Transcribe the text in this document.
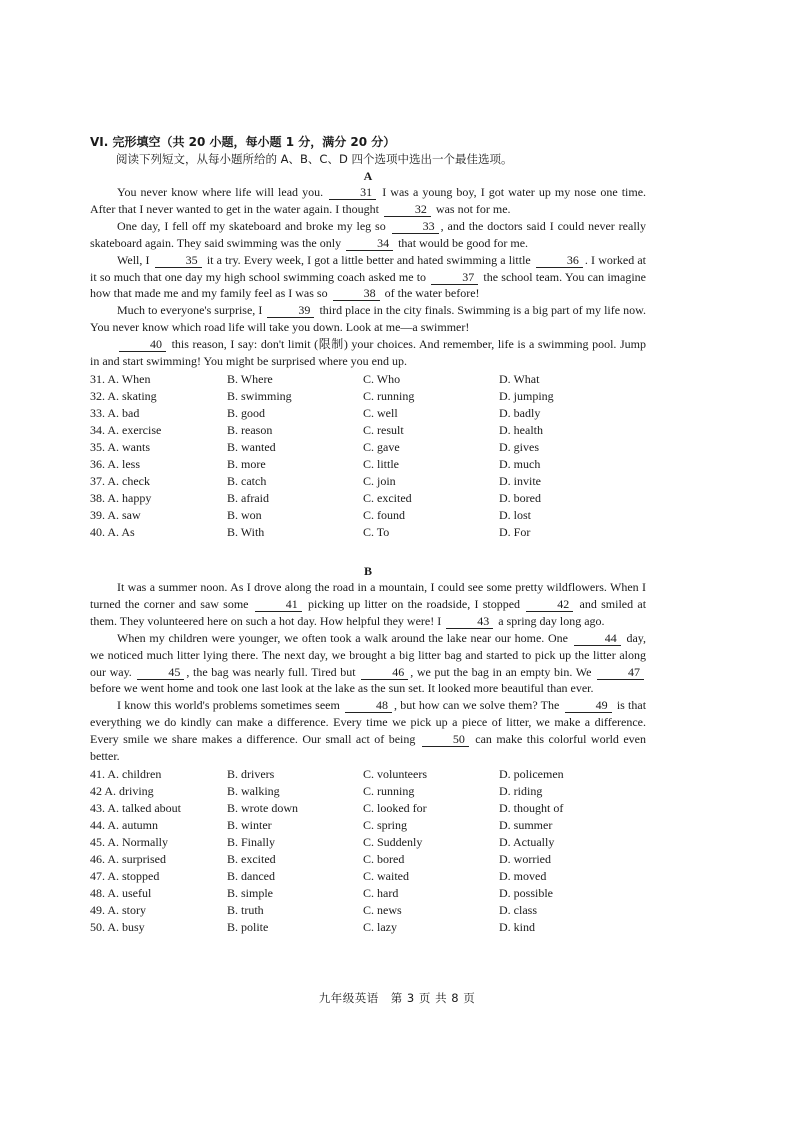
VI. 完形填空（共 20 小题，每小题 1 分，满分 20 分）
阅读下列短文，从每小题所给的 A、B、C、D 四个选项中选出一个最佳选项。
A

You never know where life will lead you.	31 I was a young boy, I got water up my nose one time. After that I never wanted to get in the water again. I thought	32 was not for me.

One day, I fell off my skateboard and broke my leg so	33 , and the doctors said I could never really skateboard again. They said swimming was the only	34 that would be good for me.

Well, I	35 it a try. Every week, I got a little better and hated swimming a little	36 . I worked at it so much that one day my high school swimming coach asked me to	37 the school team. You can imagine how that made me and my family feel as I was so	38 of the water before!

Much to everyone's surprise, I	39 third place in the city finals. Swimming is a big part of my life now. You never know which road life will take you down. Look at me—a swimmer!

40 this reason, I say: don't limit (限制) your choices. And remember, life is a swimming pool. Jump in and start swimming! You might be surprised where you end up.

31. A. When	B. Where	C. Who	D. What
32. A. skating	B. swimming	C. running	D. jumping
33. A. bad	B. good	C. well	D. badly
34. A. exercise	B. reason	C. result	D. health
35. A. wants	B. wanted	C. gave	D. gives
36. A. less	B. more	C. little	D. much
37. A. check	B. catch	C. join	D. invite
38. A. happy	B. afraid	C. excited	D. bored
39. A. saw	B. won	C. found	D. lost
40. A. As	B. With	C. To	D. For
B

It was a summer noon. As I drove along the road in a mountain, I could see some pretty wildflowers. When I turned the corner and saw some	41 picking up litter on the roadside, I stopped	42 and smiled at them. They volunteered here on such a hot day. How helpful they were! I	43 a spring day long ago.

When my children were younger, we often took a walk around the lake near our home. One	44 day, we noticed much litter lying there. The next day, we brought a big litter bag and started to pick up the litter along our way.	45 , the bag was nearly full. Tired but	46 , we put the bag in an empty bin. We	47 before we went home and took one last look at the lake as the sun set. It looked more beautiful than ever.

I know this world's problems sometimes seem	48 , but how can we solve them? The	49 is that everything we do kindly can make a difference. Every time we pick up a piece of litter, we make a difference. Every smile we share makes a difference. Our small act of being	50 can make this colorful world even better.

41. A. children	B. drivers	C. volunteers	D. policemen
42 A. driving	B. walking	C. running	D. riding
43. A. talked about	B. wrote down	C. looked for	D. thought of
44. A. autumn	B. winter	C. spring	D. summer
45. A. Normally	B. Finally	C. Suddenly	D. Actually
46. A. surprised	B. excited	C. bored	D. worried
47. A. stopped	B. danced	C. waited	D. moved
48. A. useful	B. simple	C. hard	D. possible
49. A. story	B. truth	C. news	D. class
50. A. busy	B. polite	C. lazy	D. kind
九年级英语　第 3 页 共 8 页
